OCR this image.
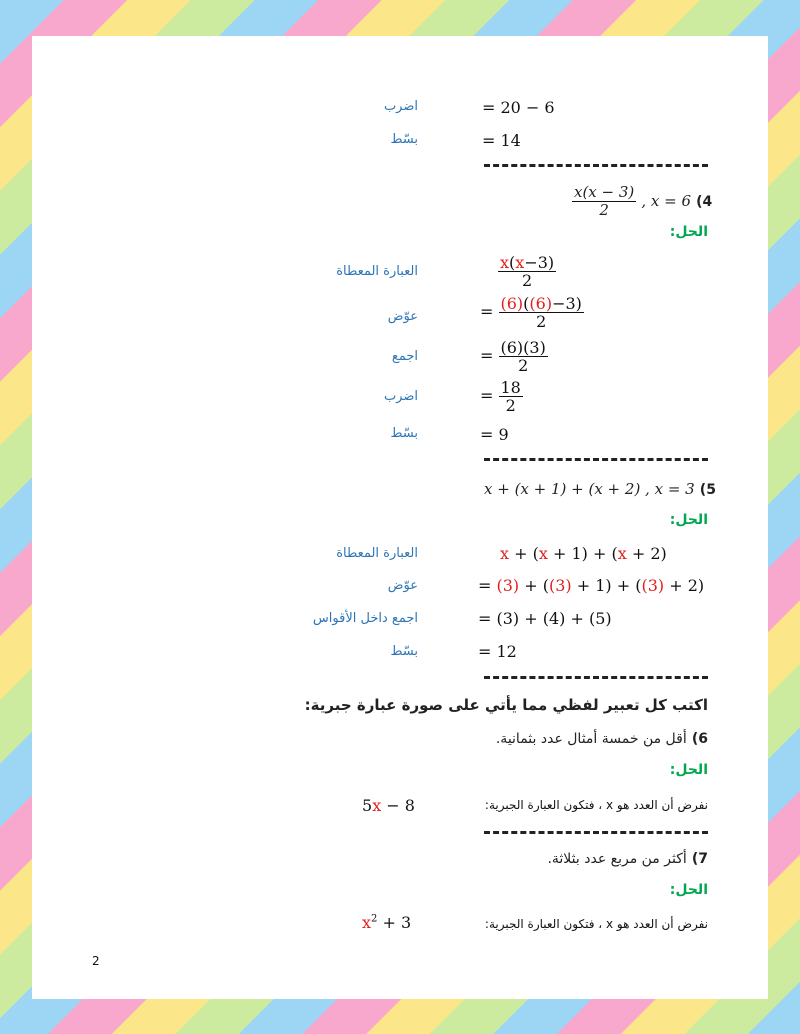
اضرب	= 20 − 6
بسّط	= 14
$\frac{x(x - 3)}{2}$ , x = 6 (4
الحل:
العبارة المعطاة	$\frac{x(x-3)}{2}$
عوّض	= $\frac{(6)((6)-3)}{2}$
اجمع	= $\frac{(6)(3)}{2}$
اضرب	= $\frac{18}{2}$
بسّط	= 9
x + (x + 1) + (x + 2) , x = 3 (5
الحل:
العبارة المعطاة	x + (x + 1) + (x + 2)
عوّض	= (3) + ((3) + 1) + ((3) + 2)
اجمع داخل الأقواس	= (3) + (4) + (5)
بسّط	= 12
اكتب كل تعبير لفظي مما يأتي على صورة عبارة جبرية:
6) أقل من خمسة أمثال عدد بثمانية.
الحل:
نفرض أن العدد هو x ، فتكون العبارة الجبرية:
5x − 8
7) أكثر من مربع عدد بثلاثة.
الحل:
نفرض أن العدد هو x ، فتكون العبارة الجبرية:
$x^2 + 3$
2
